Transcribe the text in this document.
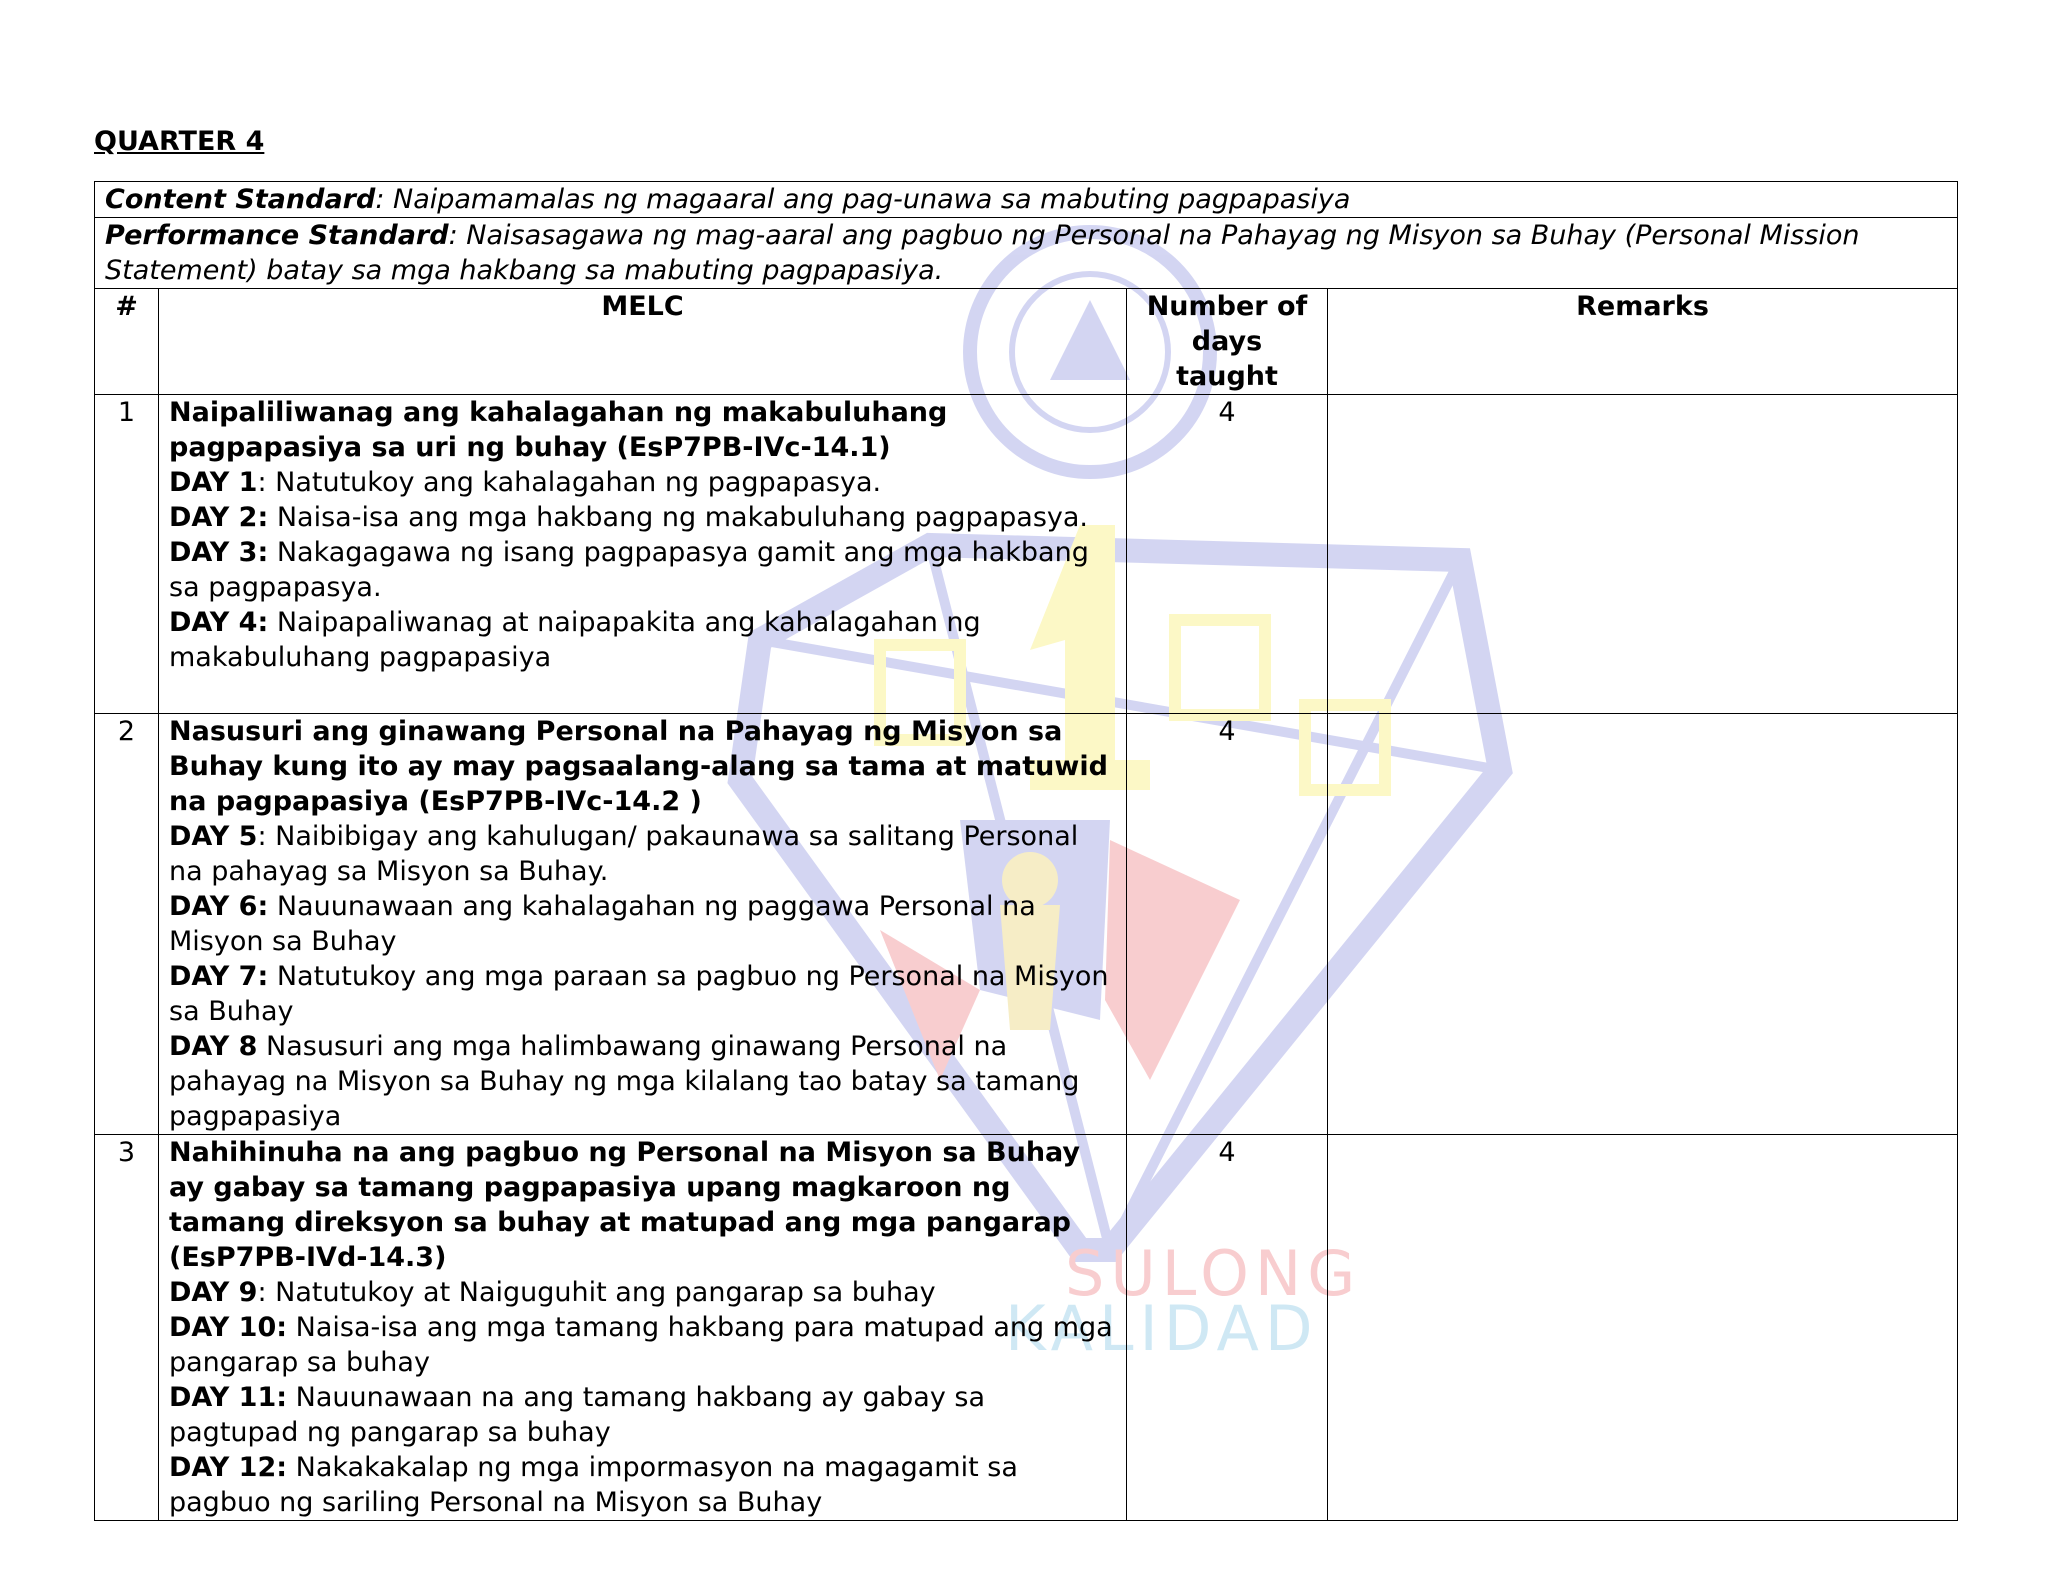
SULONG
KALIDAD
QUARTER 4
Content Standard: Naipamamalas ng magaaral ang pag-unawa sa mabuting pagpapasiya			
Performance Standard: Naisasagawa ng mag-aaral ang pagbuo ng Personal na Pahayag ng Misyon sa Buhay (Personal Mission Statement) batay sa mga hakbang sa mabuting pagpapasiya.			
#	MELC	Number of days taught	Remarks
1	Naipaliliwanag ang kahalagahan ng makabuluhang pagpapasiya sa uri ng buhay (EsP7PB-IVc-14.1)
DAY 1: Natutukoy ang kahalagahan ng pagpapasya.
DAY 2: Naisa-isa ang mga hakbang ng makabuluhang pagpapasya.
DAY 3: Nakagagawa ng isang pagpapasya gamit ang mga hakbang sa pagpapasya.
DAY 4: Naipapaliwanag at naipapakita ang kahalagahan ng makabuluhang pagpapasiya	4	
2	Nasusuri ang ginawang Personal na Pahayag ng Misyon sa Buhay kung ito ay may pagsaalang-alang sa tama at matuwid na pagpapasiya (EsP7PB-IVc-14.2 )
DAY 5: Naibibigay ang kahulugan/ pakaunawa sa salitang Personal na pahayag sa Misyon sa Buhay.
DAY 6: Nauunawaan ang kahalagahan ng paggawa Personal na Misyon sa Buhay
DAY 7: Natutukoy ang mga paraan sa pagbuo ng Personal na Misyon sa Buhay
DAY 8 Nasusuri ang mga halimbawang ginawang Personal na pahayag na Misyon sa Buhay ng mga kilalang tao batay sa tamang pagpapasiya	4	
3	Nahihinuha na ang pagbuo ng Personal na Misyon sa Buhay ay gabay sa tamang pagpapasiya upang magkaroon ng tamang direksyon sa buhay at matupad ang mga pangarap (EsP7PB-IVd-14.3)
DAY 9: Natutukoy at Naiguguhit ang pangarap sa buhay
DAY 10: Naisa-isa ang mga tamang hakbang para matupad ang mga pangarap sa buhay
DAY 11: Nauunawaan na ang tamang hakbang ay gabay sa pagtupad ng pangarap sa buhay
DAY 12: Nakakakalap ng mga impormasyon na magagamit sa pagbuo ng sariling Personal na Misyon sa Buhay	4	
